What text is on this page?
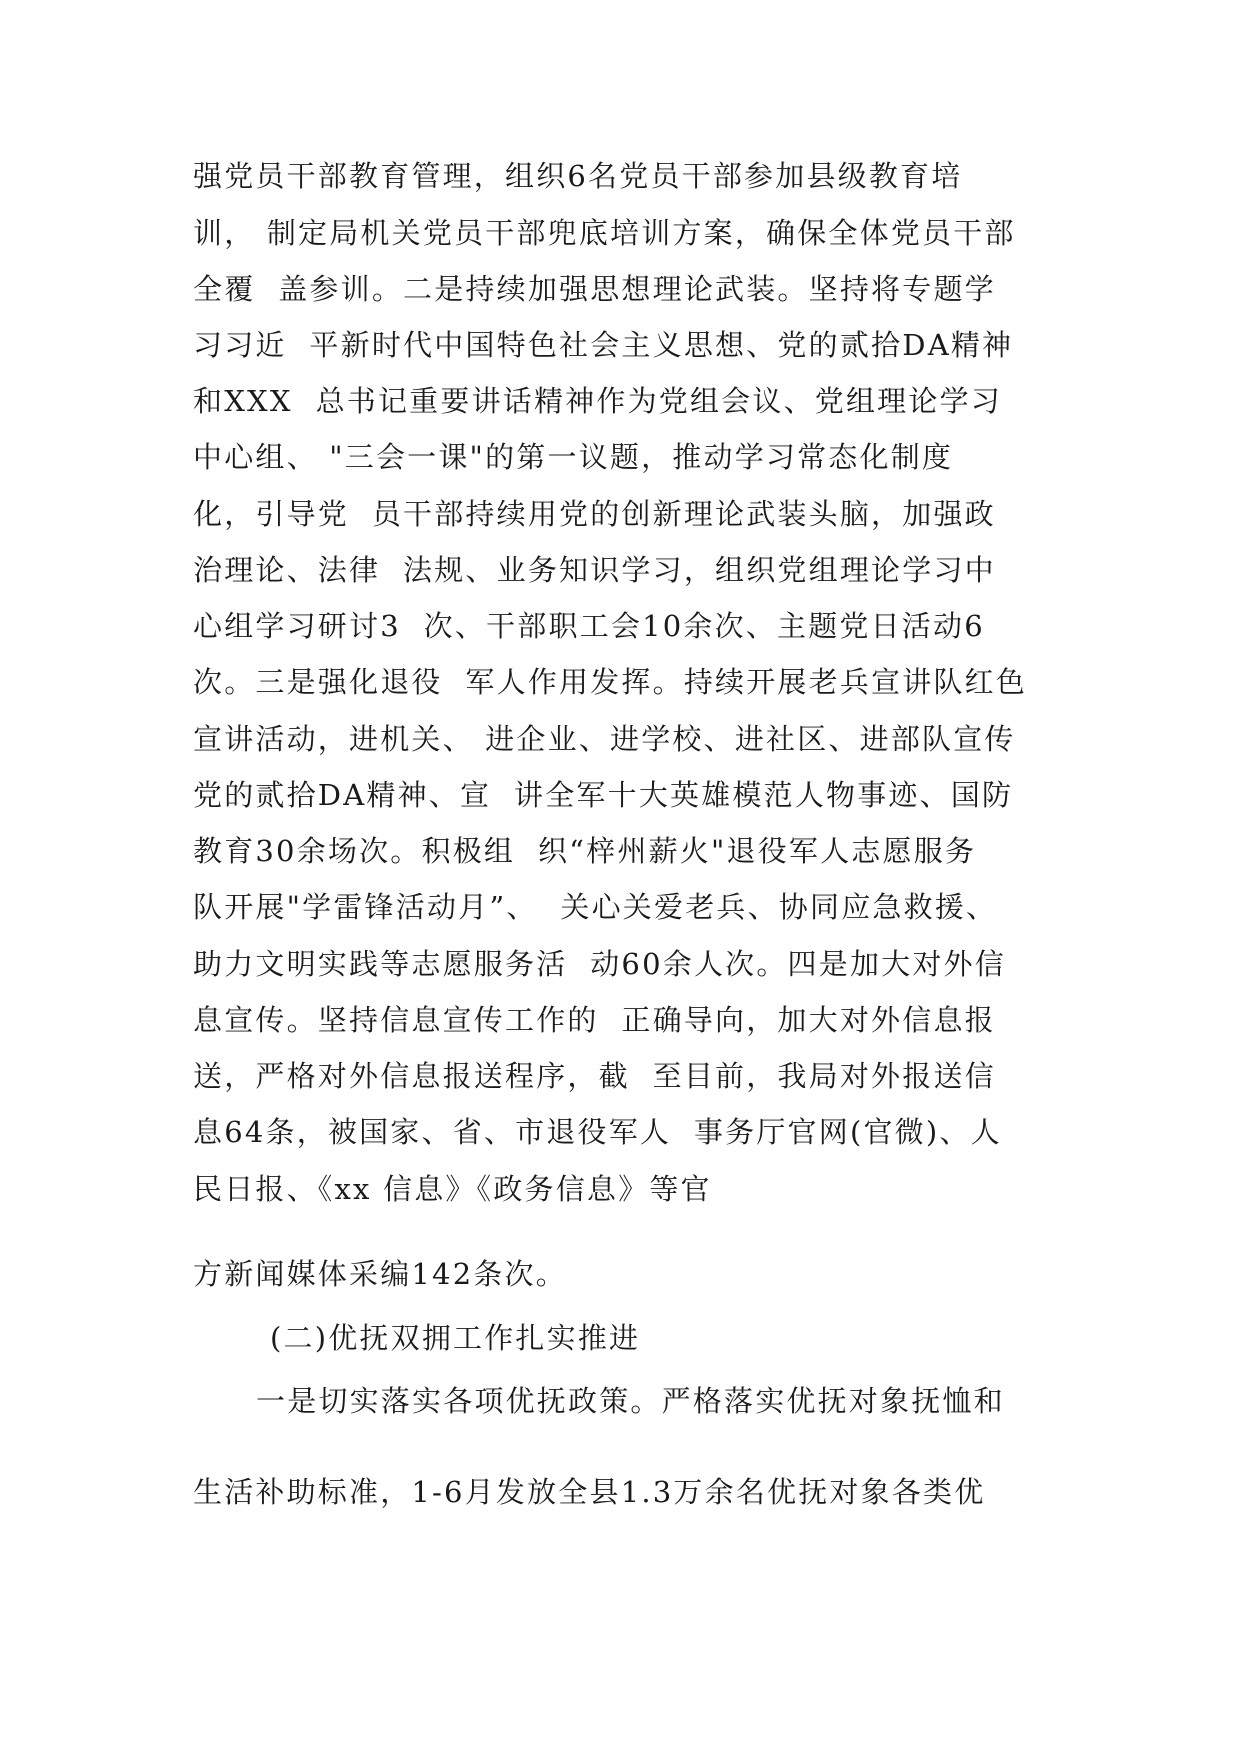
强党员干部教育管理，组织6名党员干部参加县级教育培

训， 制定局机关党员干部兜底培训方案，确保全体党员干部

全覆  盖参训。二是持续加强思想理论武装。坚持将专题学

习习近  平新时代中国特色社会主义思想、党的贰拾DA精神

和XXX  总书记重要讲话精神作为党组会议、党组理论学习

中心组、 "三会一课"的第一议题，推动学习常态化制度

化，引导党  员干部持续用党的创新理论武装头脑，加强政

治理论、法律  法规、业务知识学习，组织党组理论学习中

心组学习研讨3  次、干部职工会10余次、主题党日活动6

次。三是强化退役  军人作用发挥。持续开展老兵宣讲队红色

宣讲活动，进机关、 进企业、进学校、进社区、进部队宣传

党的贰拾DA精神、宣  讲全军十大英雄模范人物事迹、国防

教育30余场次。积极组  织“梓州薪火"退役军人志愿服务

队开展"学雷锋活动月”、  关心关爱老兵、协同应急救援、

助力文明实践等志愿服务活  动60余人次。四是加大对外信

息宣传。坚持信息宣传工作的  正确导向，加大对外信息报

送，严格对外信息报送程序，截  至目前，我局对外报送信

息64条，被国家、省、市退役军人  事务厅官网(官微)、人

民日报、《xx 信息》《政务信息》等官

方新闻媒体采编142条次。

(二)优抚双拥工作扎实推进

一是切实落实各项优抚政策。严格落实优抚对象抚恤和

生活补助标准，1-6月发放全县1.3万余名优抚对象各类优
